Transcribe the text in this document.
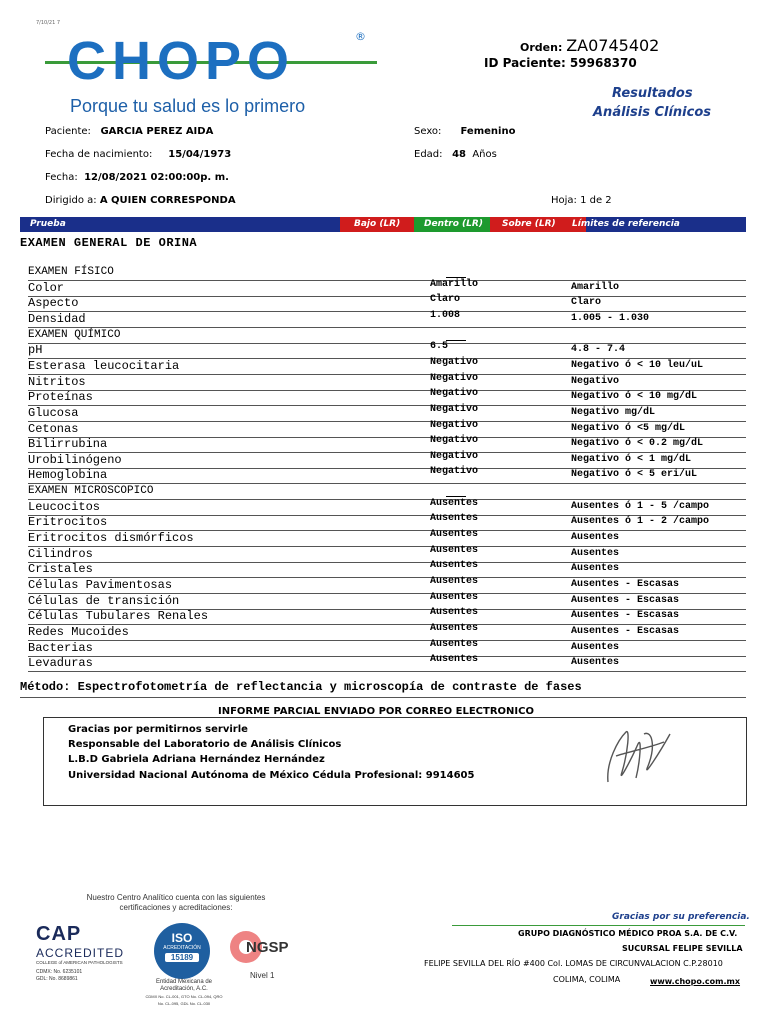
7/10/21 7
CHOPO	®
Porque tu salud es lo primero
Orden: ZA0745402
ID Paciente: 59968370
Resultados
Análisis Clínicos
Paciente: GARCIA PEREZ AIDA	Sexo: Femenino
Fecha de nacimiento: 15/04/1973	Edad: 48 Años
Fecha: 12/08/2021 02:00:00p. m.
Dirigido a: A QUIEN CORRESPONDA	Hoja: 1 de 2
Prueba	Bajo (LR)	Dentro (LR)	Sobre (LR)	Límites de referencia
EXAMEN GENERAL DE ORINA
EXAMEN FÍSICO
Color	Amarillo	Amarillo
Aspecto	Claro	Claro
Densidad	1.008	1.005 - 1.030
EXAMEN QUÍMICO
pH	6.5	4.8 - 7.4
Esterasa leucocitaria	Negativo	Negativo ó < 10 leu/uL
Nitritos	Negativo	Negativo
Proteínas	Negativo	Negativo ó < 10 mg/dL
Glucosa	Negativo	Negativo mg/dL
Cetonas	Negativo	Negativo ó <5 mg/dL
Bilirrubina	Negativo	Negativo ó < 0.2 mg/dL
Urobilinógeno	Negativo	Negativo ó < 1 mg/dL
Hemoglobina	Negativo	Negativo ó < 5 eri/uL
EXAMEN MICROSCOPICO
Leucocitos	Ausentes	Ausentes ó 1 - 5 /campo
Eritrocitos	Ausentes	Ausentes ó 1 - 2 /campo
Eritrocitos dismórficos	Ausentes	Ausentes
Cilindros	Ausentes	Ausentes
Cristales	Ausentes	Ausentes
Células Pavimentosas	Ausentes	Ausentes - Escasas
Células de transición	Ausentes	Ausentes - Escasas
Células Tubulares Renales	Ausentes	Ausentes - Escasas
Redes Mucoides	Ausentes	Ausentes - Escasas
Bacterias	Ausentes	Ausentes
Levaduras	Ausentes	Ausentes
Método: Espectrofotometría de reflectancia y microscopía de contraste de fases
INFORME PARCIAL ENVIADO POR CORREO ELECTRONICO
Gracias por permitirnos servirle
Responsable del Laboratorio de Análisis Clínicos
L.B.D Gabriela Adriana Hernández Hernández
Universidad Nacional Autónoma de México Cédula Profesional: 9914605
Nuestro Centro Analítico cuenta con las siguientes certificaciones y acreditaciones:
CAP
ACCREDITED
COLLEGE of AMERICAN PATHOLOGISTS
CDMX: No. 6235101
GDL: No. 8689861
ISO
ACREDITACIÓN
15189
Entidad Mexicana de Acreditación, A.C.
CDMX No. CL-001, GTO No. CL-094, QRO No. CL-095, GDL No. CL-030
NGSP
Nivel 1
Gracias por su preferencia.
GRUPO DIAGNÓSTICO MÉDICO PROA S.A. DE C.V.
SUCURSAL FELIPE SEVILLA
FELIPE SEVILLA DEL RÍO #400 Col. LOMAS DE CIRCUNVALACION C.P.28010
COLIMA, COLIMA	www.chopo.com.mx
